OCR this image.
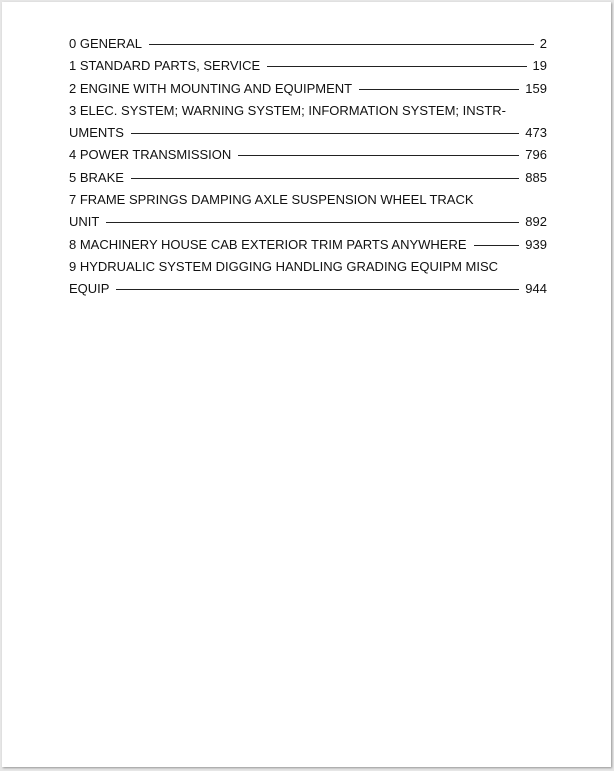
0 GENERAL	2
1 STANDARD PARTS, SERVICE	19
2 ENGINE WITH MOUNTING AND EQUIPMENT	159
3 ELEC. SYSTEM; WARNING SYSTEM; INFORMATION SYSTEM; INSTR-
UMENTS	473
4 POWER TRANSMISSION	796
5 BRAKE	885
7 FRAME SPRINGS DAMPING AXLE SUSPENSION WHEEL TRACK
UNIT	892
8 MACHINERY HOUSE CAB EXTERIOR TRIM PARTS ANYWHERE	939
9 HYDRUALIC SYSTEM DIGGING HANDLING GRADING EQUIPM MISC
EQUIP	944
